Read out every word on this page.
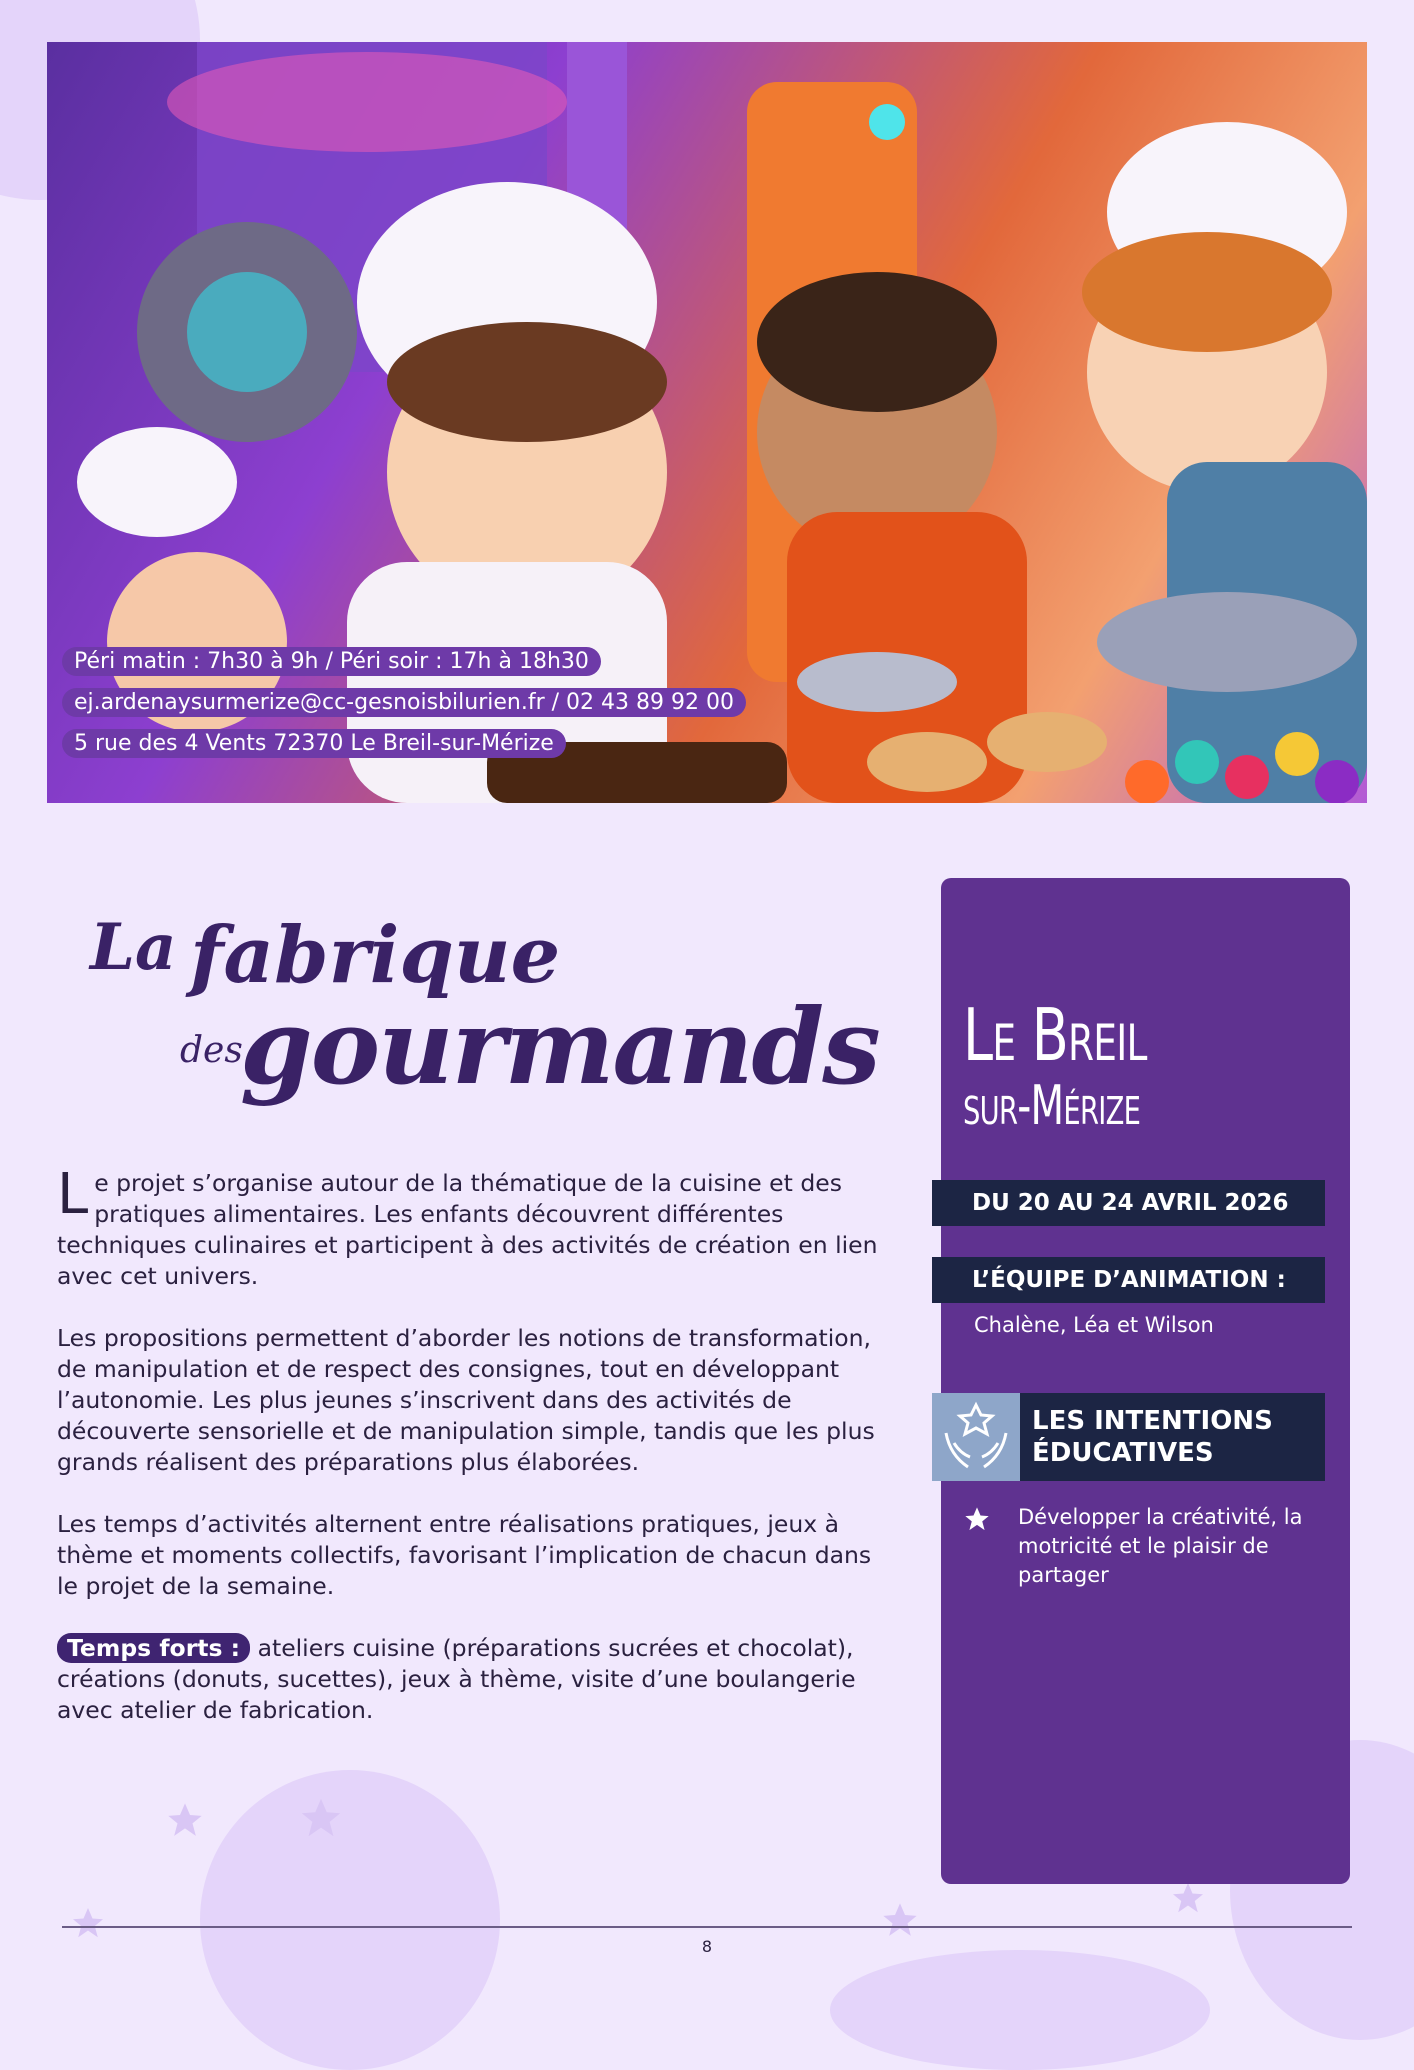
Péri matin : 7h30 à 9h / Péri soir : 17h à 18h30
ej.ardenaysurmerize@cc-gesnoisbilurien.fr / 02 43 89 92 00
5 rue des 4 Vents 72370 Le Breil-sur-Mérize
La fabrique
des
gourmands

Le projet s’organise autour de la thématique de la cuisine et des pratiques alimentaires. Les enfants découvrent différentes techniques culinaires et participent à des activités de création en lien avec cet univers.

Les propositions permettent d’aborder les notions de transformation, de manipulation et de respect des consignes, tout en développant l’autonomie. Les plus jeunes s’inscrivent dans des activités de découverte sensorielle et de manipulation simple, tandis que les plus grands réalisent des préparations plus élaborées.

Les temps d’activités alternent entre réalisations pratiques, jeux à thème et moments collectifs, favorisant l’implication de chacun dans le projet de la semaine.

Temps forts : ateliers cuisine (préparations sucrées et chocolat), créations (donuts, sucettes), jeux à thème, visite d’une boulangerie avec atelier de fabrication.

Le Breil
sur-Mérize
DU 20 AU 24 AVRIL 2026
L’ÉQUIPE D’ANIMATION :
Chalène, Léa et Wilson
LES INTENTIONS
ÉDUCATIVES
Développer la créativité, la motricité et le plaisir de partager
8
